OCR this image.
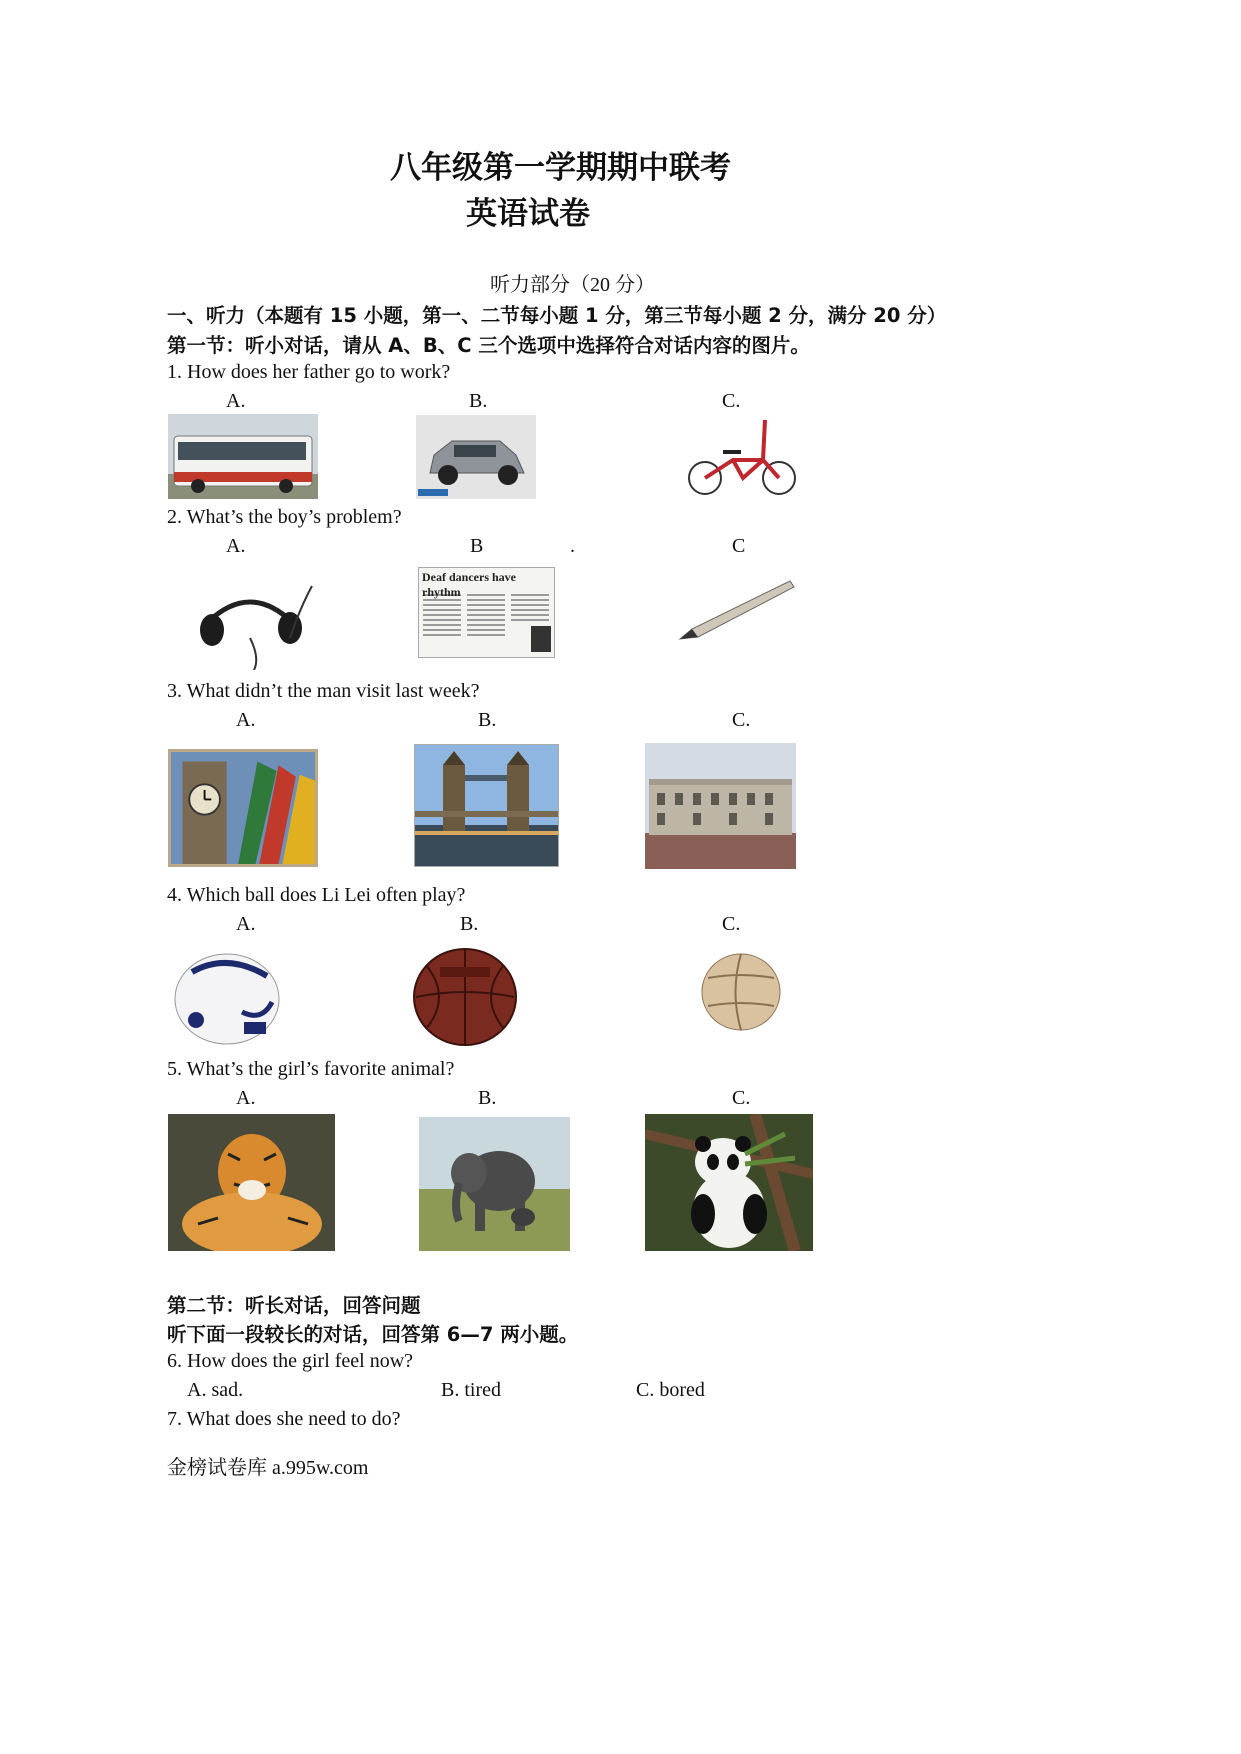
八年级第一学期期中联考
英语试卷
听力部分（20 分）
一、听力（本题有 15 小题，第一、二节每小题 1 分，第三节每小题 2 分，满分 20 分）
第一节：听小对话，请从 A、B、C 三个选项中选择符合对话内容的图片。
1. How does her father go to work?
A.	B.	C.
2. What’s the boy’s problem?
A.	B	.	C
Deaf dancers have rhythm
3. What didn’t the man visit last week?
A.	B.	C.
4. Which ball does Li Lei often play?
A.	B.	C.
5. What’s the girl’s favorite animal?
A.	B.	C.
第二节：听长对话，回答问题
听下面一段较长的对话，回答第 6—7 两小题。
6. How does the girl feel now?
A. sad.	B. tired	C. bored
7. What does she need to do?
金榜试卷库 a.995w.com
